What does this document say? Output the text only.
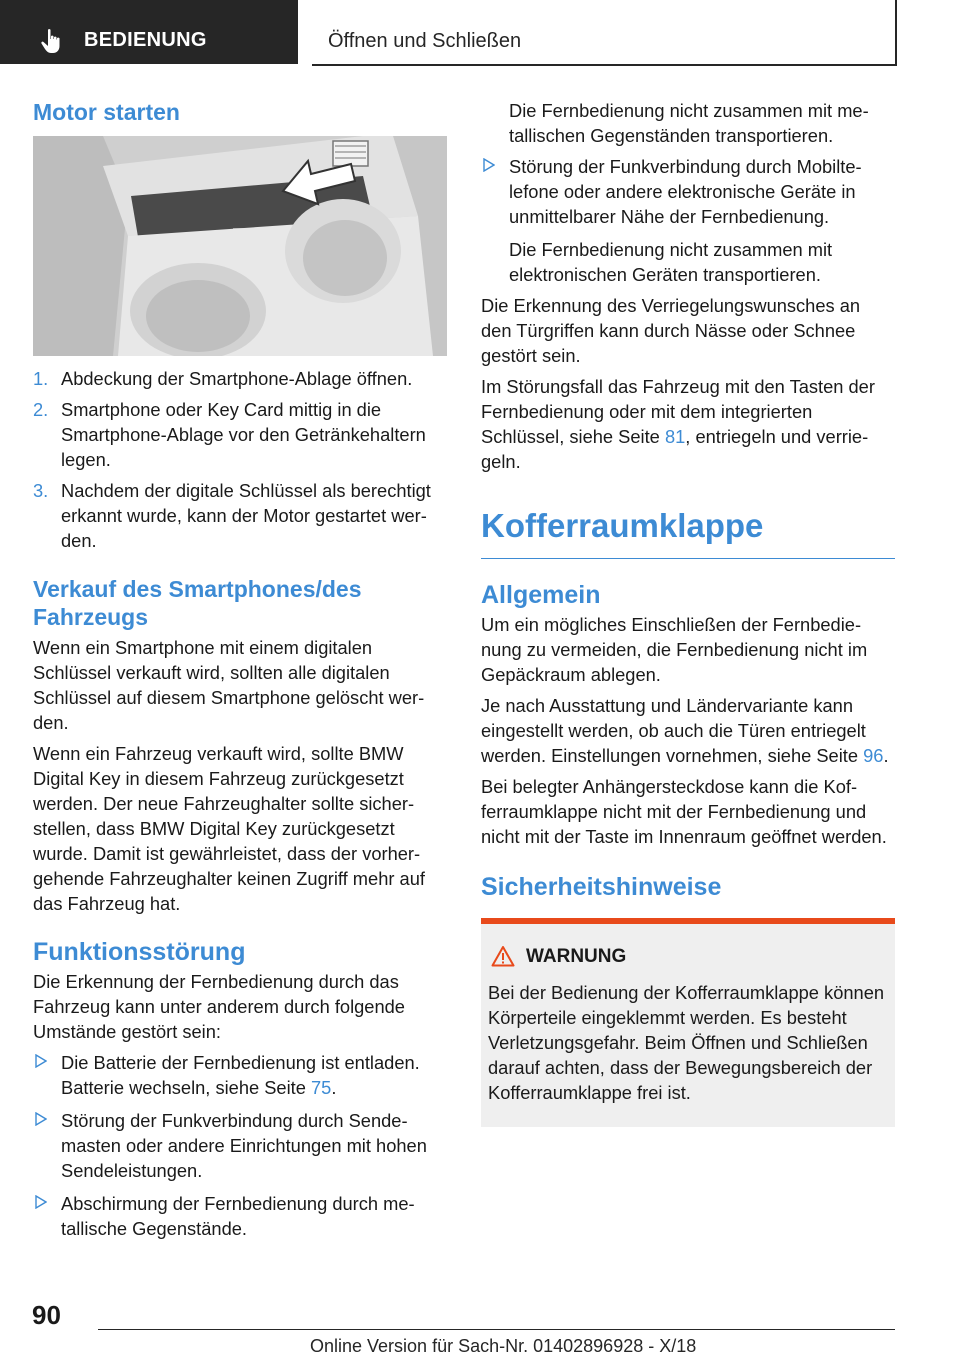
BEDIENUNG	Öffnen und Schließen
Motor starten
1. Abdeckung der Smartphone-Ablage öffnen.
2. Smartphone oder Key Card mittig in die Smartphone-Ablage vor den Getränkehaltern legen.
3. Nachdem der digitale Schlüssel als berechtigt erkannt wurde, kann der Motor gestartet werden.
Verkauf des Smartphones/des Fahrzeugs

Wenn ein Smartphone mit einem digitalen Schlüssel verkauft wird, sollten alle digitalen Schlüssel auf diesem Smartphone gelöscht werden.

Wenn ein Fahrzeug verkauft wird, sollte BMW Digital Key in diesem Fahrzeug zurückgesetzt werden. Der neue Fahrzeughalter sollte sicherstellen, dass BMW Digital Key zurückgesetzt wurde. Damit ist gewährleistet, dass der vorhergehende Fahrzeughalter keinen Zugriff mehr auf das Fahrzeug hat.

Funktionsstörung

Die Erkennung der Fernbedienung durch das Fahrzeug kann unter anderem durch folgende Umstände gestört sein:

Die Batterie der Fernbedienung ist entladen. Batterie wechseln, siehe Seite 75.
Störung der Funkverbindung durch Sendemasten oder andere Einrichtungen mit hohen Sendeleistungen.
Abschirmung der Fernbedienung durch metallische Gegenstände.

Die Fernbedienung nicht zusammen mit metallischen Gegenständen transportieren.

Störung der Funkverbindung durch Mobiltelefone oder andere elektronische Geräte in unmittelbarer Nähe der Fernbedienung.

Die Fernbedienung nicht zusammen mit elektronischen Geräten transportieren.

Die Erkennung des Verriegelungswunsches an den Türgriffen kann durch Nässe oder Schnee gestört sein.

Im Störungsfall das Fahrzeug mit den Tasten der Fernbedienung oder mit dem integrierten Schlüssel, siehe Seite 81, entriegeln und verriegeln.

Kofferraumklappe
Allgemein

Um ein mögliches Einschließen der Fernbedienung zu vermeiden, die Fernbedienung nicht im Gepäckraum ablegen.

Je nach Ausstattung und Ländervariante kann eingestellt werden, ob auch die Türen entriegelt werden. Einstellungen vornehmen, siehe Seite 96.

Bei belegter Anhängersteckdose kann die Kofferraumklappe nicht mit der Fernbedienung und nicht mit der Taste im Innenraum geöffnet werden.

Sicherheitshinweise
WARNUNG

Bei der Bedienung der Kofferraumklappe können Körperteile eingeklemmt werden. Es besteht Verletzungsgefahr. Beim Öffnen und Schließen darauf achten, dass der Bewegungsbereich der Kofferraumklappe frei ist.

90
Online Version für Sach-Nr. 01402896928 - X/18
